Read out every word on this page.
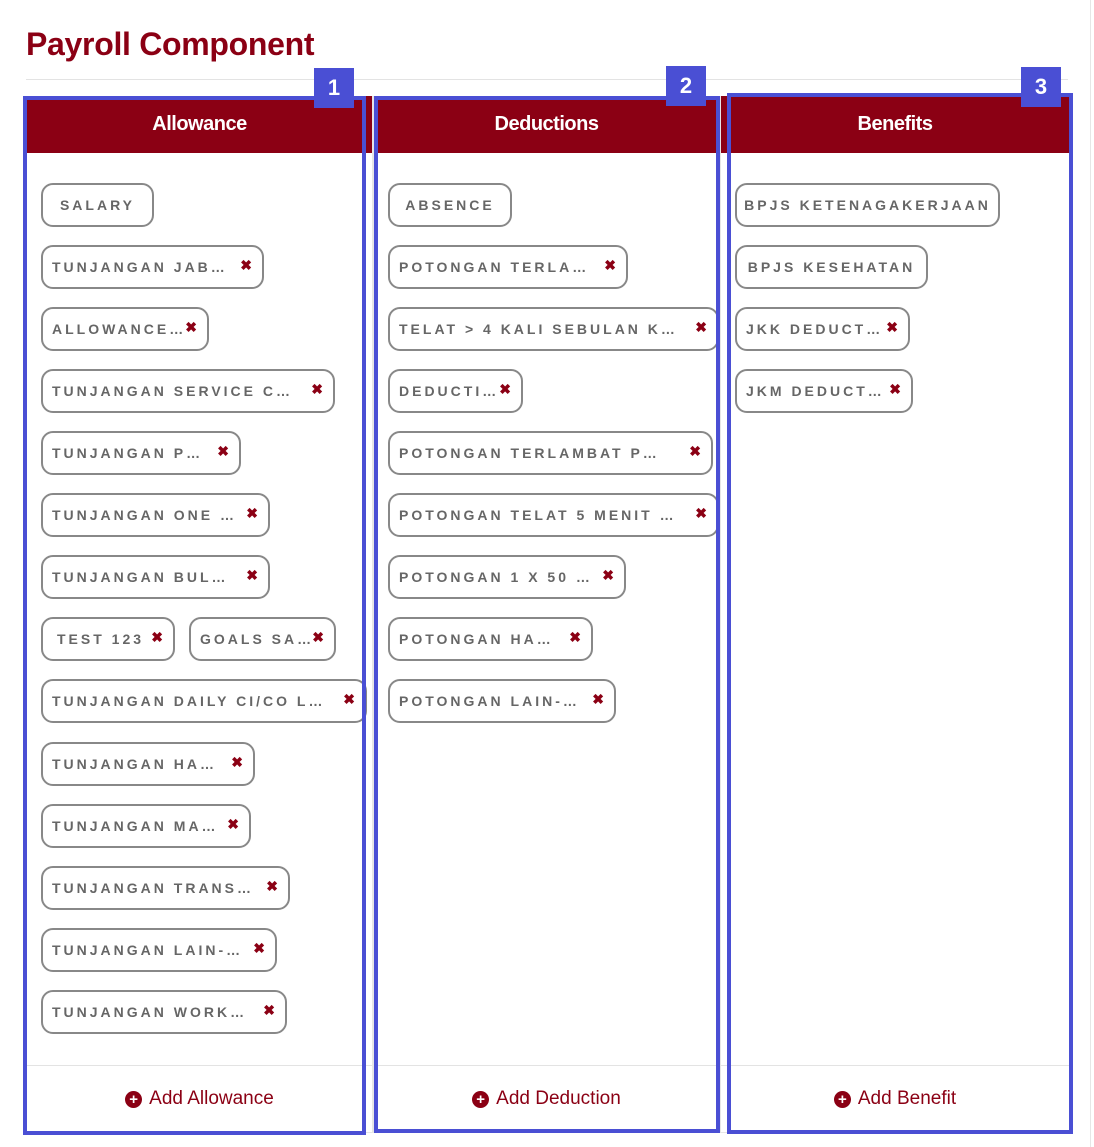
Payroll Component
Allowance
SALARY
TUNJANGAN JAB… ✖
ALLOWANCE… ✖
TUNJANGAN SERVICE C… ✖
TUNJANGAN P… ✖
TUNJANGAN ONE … ✖
TUNJANGAN BUL… ✖
TEST 123 ✖	GOALS SA…
✖
TUNJANGAN DAILY CI/CO L… ✖
TUNJANGAN HA… ✖
TUNJANGAN MA… ✖
TUNJANGAN TRANS… ✖
TUNJANGAN LAIN-… ✖
TUNJANGAN WORK… ✖
+ Add Allowance
Deductions
ABSENCE
POTONGAN TERLA… ✖
TELAT > 4 KALI SEBULAN K… ✖
DEDUCTI… ✖
POTONGAN TERLAMBAT P… ✖
POTONGAN TELAT 5 MENIT … ✖
POTONGAN 1 X 50 … ✖
POTONGAN HA… ✖
POTONGAN LAIN-… ✖
+ Add Deduction
Benefits
BPJS KETENAGAKERJAAN
BPJS KESEHATAN
JKK DEDUCT… ✖
JKM DEDUCT… ✖
+ Add Benefit
1	2	3
